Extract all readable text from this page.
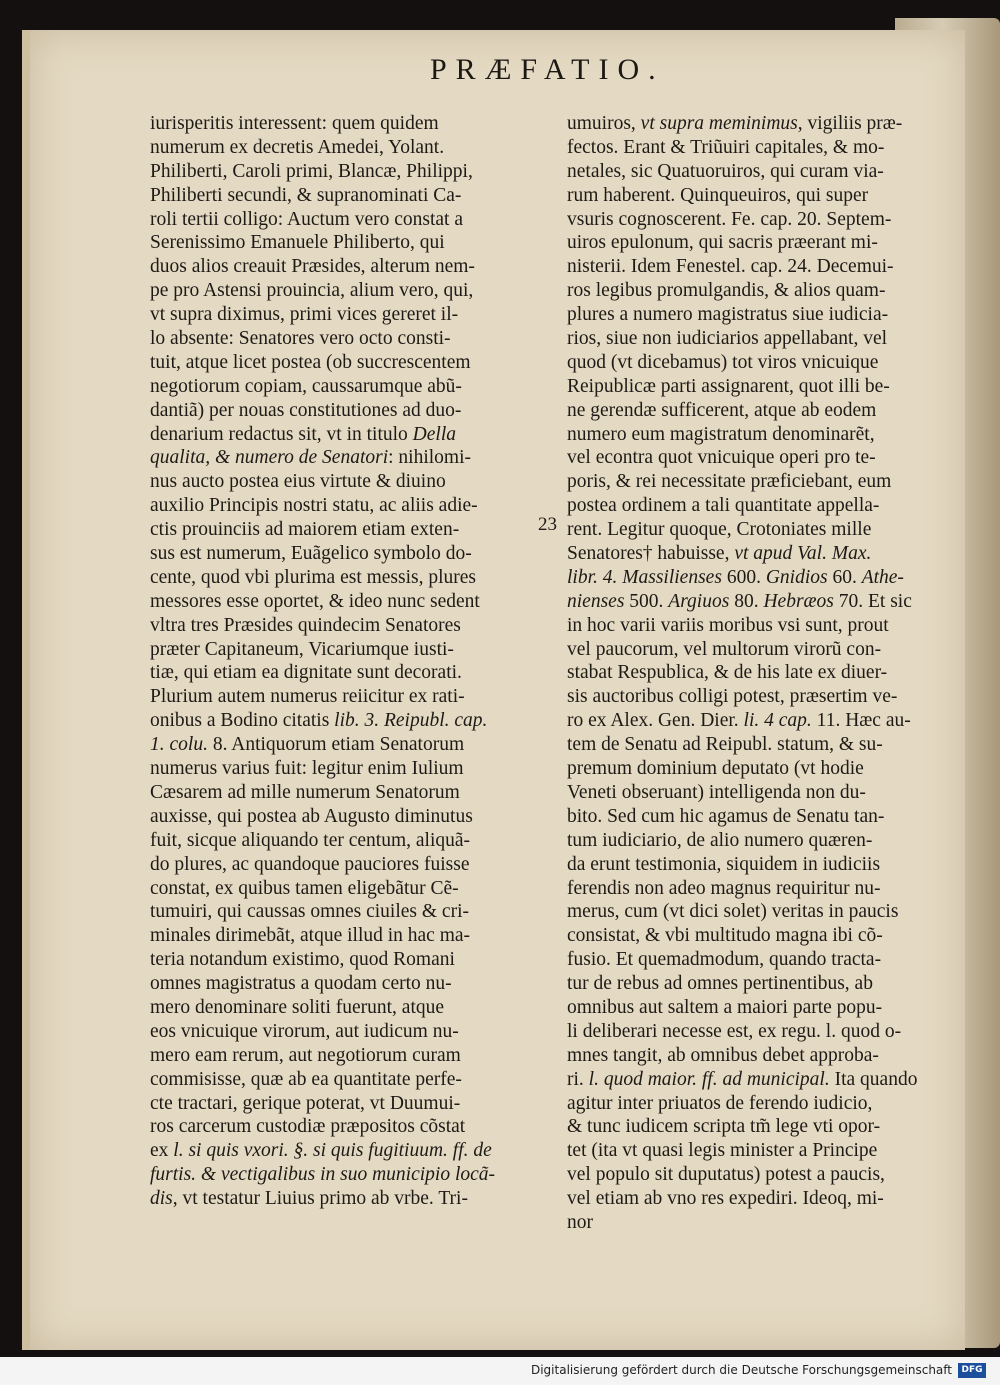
PRÆFATIO.
iurisperitis interessent: quem quidem
numerum ex decretis Amedei, Yolant.
Philiberti, Caroli primi, Blancæ, Philippi,
Philiberti secundi, & supranominati Ca-
roli tertii colligo: Auctum vero constat a
Serenissimo Emanuele Philiberto, qui
duos alios creauit Præsides, alterum nem-
pe pro Astensi prouincia, alium vero, qui,
vt supra diximus, primi vices gereret il-
lo absente: Senatores vero octo consti-
tuit, atque licet postea (ob succrescentem
negotiorum copiam, caussarumque abũ-
dantiã) per nouas constitutiones ad duo-
denarium redactus sit, vt in titulo Della
qualita, & numero de Senatori: nihilomi-
nus aucto postea eius virtute & diuino
auxilio Principis nostri statu, ac aliis adie-
ctis prouinciis ad maiorem etiam exten-
sus est numerum, Euãgelico symbolo do-
cente, quod vbi plurima est messis, plures
messores esse oportet, & ideo nunc sedent
vltra tres Præsides quindecim Senatores
præter Capitaneum, Vicariumque iusti-
tiæ, qui etiam ea dignitate sunt decorati.
Plurium autem numerus reiicitur ex rati-
onibus a Bodino citatis lib. 3. Reipubl. cap.
1. colu. 8. Antiquorum etiam Senatorum
numerus varius fuit: legitur enim Iulium
Cæsarem ad mille numerum Senatorum
auxisse, qui postea ab Augusto diminutus
fuit, sicque aliquando ter centum, aliquã-
do plures, ac quandoque pauciores fuisse
constat, ex quibus tamen eligebãtur Cẽ-
tumuiri, qui caussas omnes ciuiles & cri-
minales dirimebãt, atque illud in hac ma-
teria notandum existimo, quod Romani
omnes magistratus a quodam certo nu-
mero denominare soliti fuerunt, atque
eos vnicuique virorum, aut iudicum nu-
mero eam rerum, aut negotiorum curam
commisisse, quæ ab ea quantitate perfe-
cte tractari, gerique poterat, vt Duumui-
ros carcerum custodiæ præpositos cõstat
ex l. si quis vxori. §. si quis fugitiuum. ff. de
furtis. & vectigalibus in suo municipio locã-
dis, vt testatur Liuius primo ab vrbe. Tri-
umuiros, vt supra meminimus, vigiliis præ-
fectos. Erant & Triũuiri capitales, & mo-
netales, sic Quatuoruiros, qui curam via-
rum haberent. Quinqueuiros, qui super
vsuris cognoscerent. Fe. cap. 20. Septem-
uiros epulonum, qui sacris præerant mi-
nisterii. Idem Fenestel. cap. 24. Decemui-
ros legibus promulgandis, & alios quam-
plures a numero magistratus siue iudicia-
rios, siue non iudiciarios appellabant, vel
quod (vt dicebamus) tot viros vnicuique
Reipublicæ parti assignarent, quot illi be-
ne gerendæ sufficerent, atque ab eodem
numero eum magistratum denominarẽt,
vel econtra quot vnicuique operi pro te-
poris, & rei necessitate præficiebant, eum
postea ordinem a tali quantitate appella-
rent. Legitur quoque, Crotoniates mille
Senatores† habuisse, vt apud Val. Max.
libr. 4. Massilienses 600. Gnidios 60. Athe-
nienses 500. Argiuos 80. Hebræos 70. Et sic
in hoc varii variis moribus vsi sunt, prout
vel paucorum, vel multorum virorũ con-
stabat Respublica, & de his late ex diuer-
sis auctoribus colligi potest, præsertim ve-
ro ex Alex. Gen. Dier. li. 4 cap. 11. Hæc au-
tem de Senatu ad Reipubl. statum, & su-
premum dominium deputato (vt hodie
Veneti obseruant) intelligenda non du-
bito. Sed cum hic agamus de Senatu tan-
tum iudiciario, de alio numero quæren-
da erunt testimonia, siquidem in iudiciis
ferendis non adeo magnus requiritur nu-
merus, cum (vt dici solet) veritas in paucis
consistat, & vbi multitudo magna ibi cõ-
fusio. Et quemadmodum, quando tracta-
tur de rebus ad omnes pertinentibus, ab
omnibus aut saltem a maiori parte popu-
li deliberari necesse est, ex regu. l. quod o-
mnes tangit, ab omnibus debet approba-
ri. l. quod maior. ff. ad municipal. Ita quando
agitur inter priuatos de ferendo iudicio,
& tunc iudicem scripta tm̃ lege vti opor-
tet (ita vt quasi legis minister a Principe
vel populo sit duputatus) potest a paucis,
vel etiam ab vno res expediri. Ideoq, mi-
nor
23
Digitalisierung gefördert durch die Deutsche Forschungsgemeinschaft	DFG
